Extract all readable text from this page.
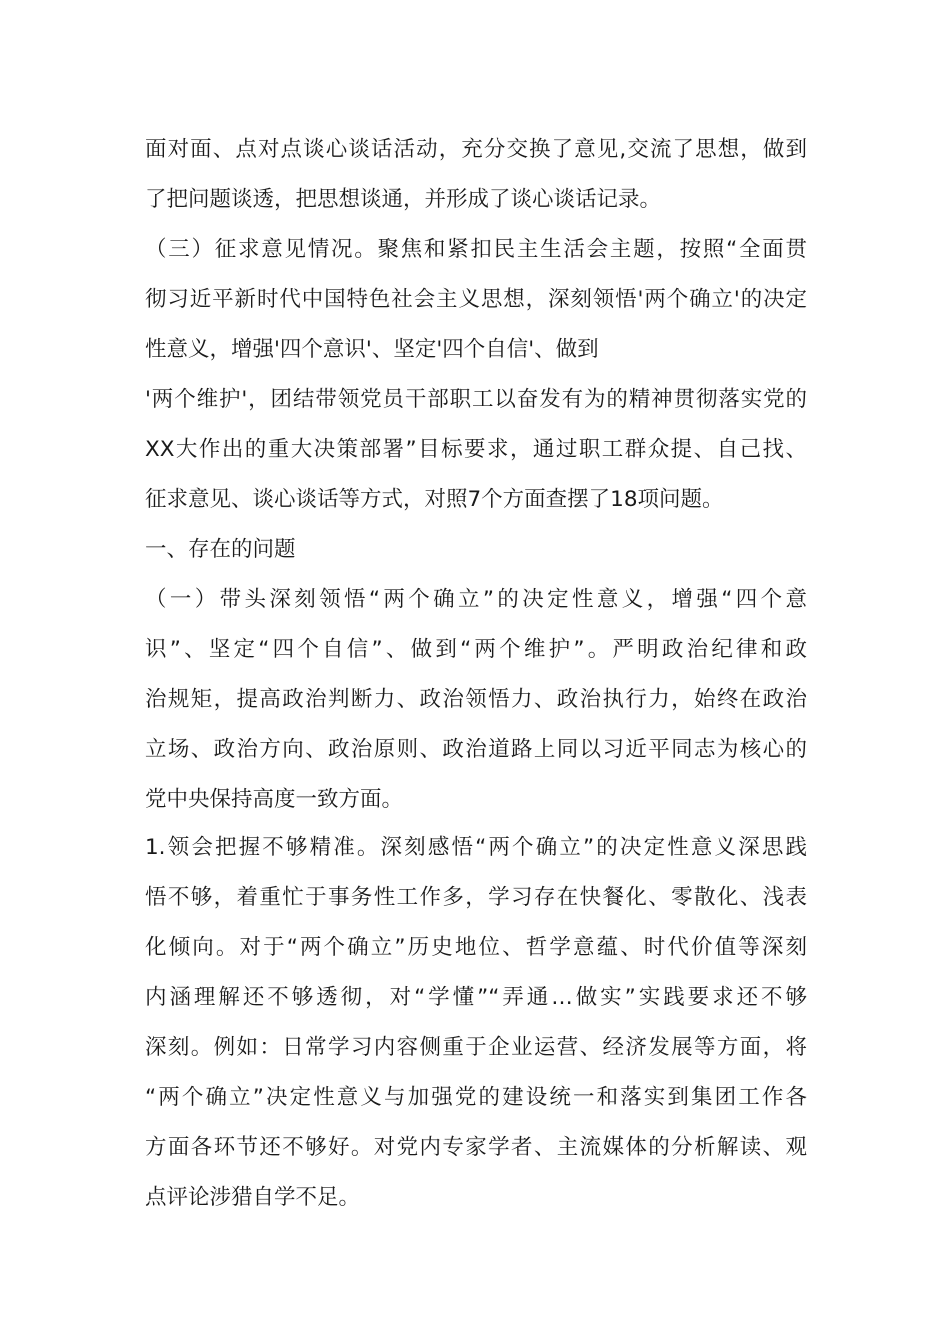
面对面、点对点谈心谈话活动，充分交换了意见,交流了思想，做到
了把问题谈透，把思想谈通，并形成了谈心谈话记录。
（三）征求意见情况。聚焦和紧扣民主生活会主题，按照“全面贯
彻习近平新时代中国特色社会主义思想，深刻领悟'两个确立'的决定
性意义，增强'四个意识'、坚定'四个自信'、做到
'两个维护'，团结带领党员干部职工以奋发有为的精神贯彻落实党的
XX大作出的重大决策部署”目标要求，通过职工群众提、自己找、
征求意见、谈心谈话等方式，对照7个方面查摆了18项问题。
一、存在的问题
（一）带头深刻领悟“两个确立”的决定性意义，增强“四个意
识”、坚定“四个自信”、做到“两个维护”。严明政治纪律和政
治规矩，提高政治判断力、政治领悟力、政治执行力，始终在政治
立场、政治方向、政治原则、政治道路上同以习近平同志为核心的
党中央保持高度一致方面。
1.领会把握不够精准。深刻感悟“两个确立”的决定性意义深思践
悟不够，着重忙于事务性工作多，学习存在快餐化、零散化、浅表
化倾向。对于“两个确立”历史地位、哲学意蕴、时代价值等深刻
内涵理解还不够透彻，对“学懂”“弄通…做实”实践要求还不够
深刻。例如：日常学习内容侧重于企业运营、经济发展等方面，将
“两个确立”决定性意义与加强党的建设统一和落实到集团工作各
方面各环节还不够好。对党内专家学者、主流媒体的分析解读、观
点评论涉猎自学不足。
